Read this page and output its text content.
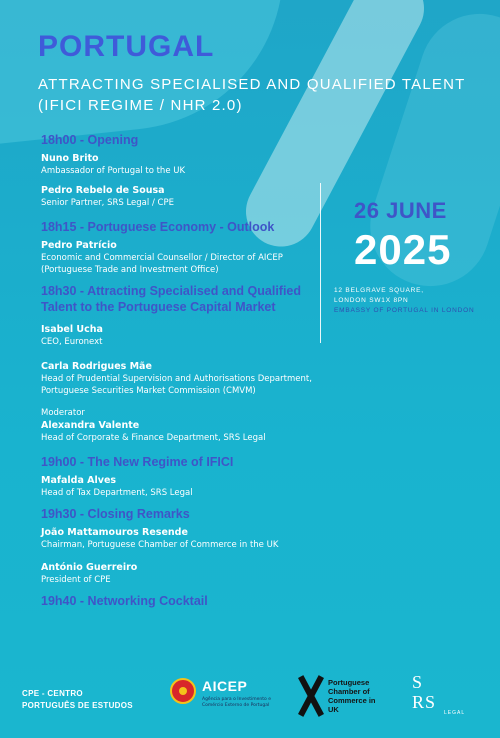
PORTUGAL
ATTRACTING SPECIALISED AND QUALIFIED TALENT
(IFICI REGIME / NHR 2.0)
18h00 - Opening
Nuno Brito
Ambassador of Portugal to the UK
Pedro Rebelo de Sousa
Senior Partner, SRS Legal / CPE
18h15 - Portuguese Economy - Outlook
Pedro Patrício
Economic and Commercial Counsellor / Director of AICEP (Portuguese Trade and Investment Office)
18h30 - Attracting Specialised and Qualified Talent to the Portuguese Capital Market
Isabel Ucha
CEO, Euronext
Carla Rodrigues Mãe
Head of Prudential Supervision and Authorisations Department, Portuguese Securities Market Commission (CMVM)
Moderator
Alexandra Valente
Head of Corporate & Finance Department, SRS Legal
19h00 - The New Regime of IFICI
Mafalda Alves
Head of Tax Department, SRS Legal
19h30 - Closing Remarks
João Mattamouros Resende
Chairman, Portuguese Chamber of Commerce in the UK
António Guerreiro
President of CPE
19h40 - Networking Cocktail
26 JUNE
2025
12 BELGRAVE SQUARE,
LONDON SW1X 8PN
EMBASSY OF PORTUGAL IN LONDON
CPE - CENTRO
PORTUGUÊS DE ESTUDOS
AICEP
Agência para o Investimento e Comércio Externo de Portugal
Portuguese Chamber of Commerce in UK
S
R S
LEGAL
